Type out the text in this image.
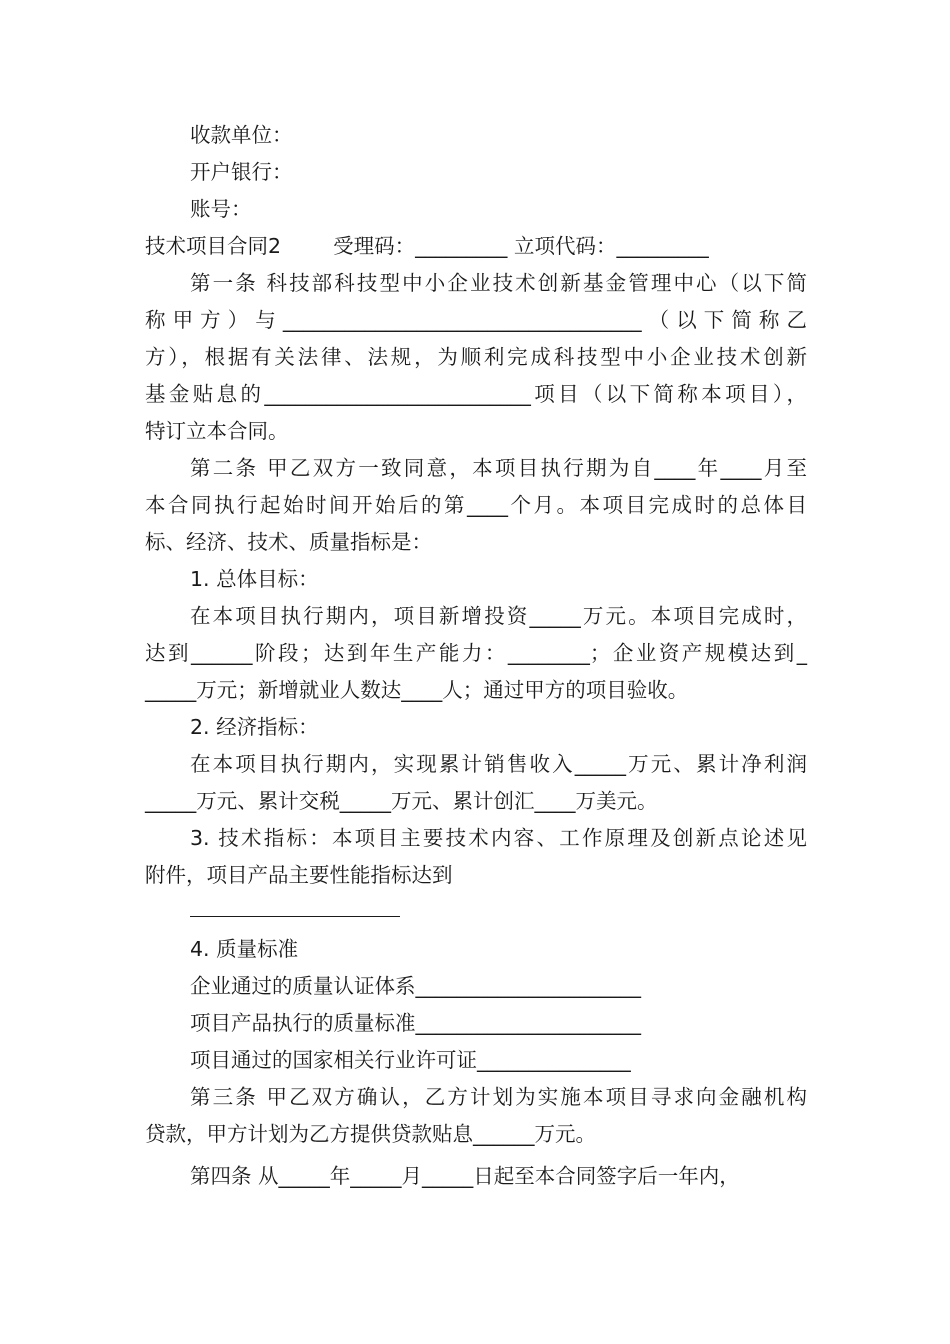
收款单位：
开户银行：
账号：
技术项目合同2        受理码：_________ 立项代码：_________
第一条 科技部科技型中小企业技术创新基金管理中心（以下简
称甲方）与___________________________________（以下简称乙
方），根据有关法律、法规，为顺利完成科技型中小企业技术创新
基金贴息的__________________________项目（以下简称本项目），
特订立本合同。
第二条 甲乙双方一致同意，本项目执行期为自____年____月至
本合同执行起始时间开始后的第____个月。本项目完成时的总体目
标、经济、技术、质量指标是：
1. 总体目标：
在本项目执行期内，项目新增投资_____万元。本项目完成时，
达到______阶段；达到年生产能力：________；企业资产规模达到_
_____万元；新增就业人数达____人；通过甲方的项目验收。
2. 经济指标：
在本项目执行期内，实现累计销售收入_____万元、累计净利润
_____万元、累计交税_____万元、累计创汇____万美元。
3. 技术指标：本项目主要技术内容、工作原理及创新点论述见
附件，项目产品主要性能指标达到
4. 质量标准
企业通过的质量认证体系______________________
项目产品执行的质量标准______________________
项目通过的国家相关行业许可证_______________
第三条 甲乙双方确认，乙方计划为实施本项目寻求向金融机构
贷款，甲方计划为乙方提供贷款贴息______万元。
第四条 从_____年_____月_____日起至本合同签字后一年内，
